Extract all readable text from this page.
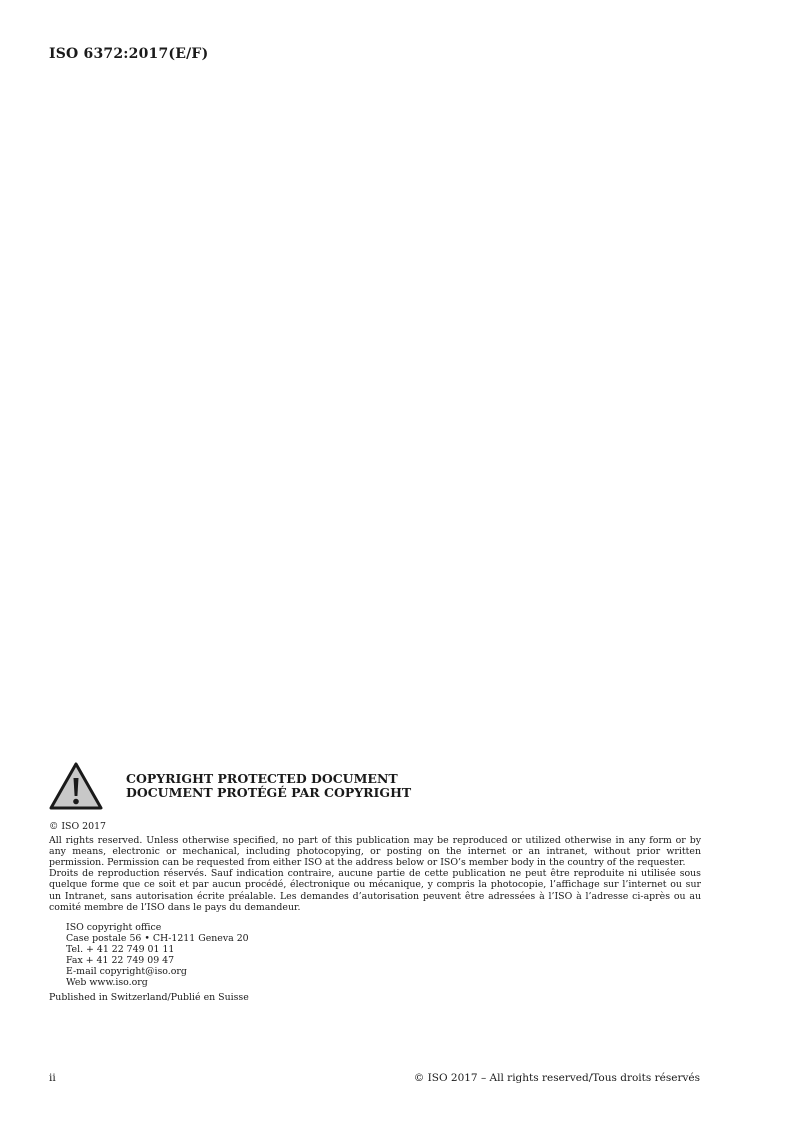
ISO 6372:2017(E/F)
COPYRIGHT PROTECTED DOCUMENT
DOCUMENT PROTÉGÉ PAR COPYRIGHT

© ISO 2017

All rights reserved. Unless otherwise specified, no part of this publication may be reproduced or utilized otherwise in any form or by any means, electronic or mechanical, including photocopying, or posting on the internet or an intranet, without prior written permission. Permission can be requested from either ISO at the address below or ISO’s member body in the country of the requester.

Droits de reproduction réservés. Sauf indication contraire, aucune partie de cette publication ne peut être reproduite ni utilisée sous quelque forme que ce soit et par aucun procédé, électronique ou mécanique, y compris la photocopie, l’affichage sur l’internet ou sur un Intranet, sans autorisation écrite préalable. Les demandes d’autorisation peuvent être adressées à l’ISO à l’adresse ci-après ou au comité membre de l’ISO dans le pays du demandeur.

ISO copyright office
Case postale 56 • CH-1211 Geneva 20
Tel. + 41 22 749 01 11
Fax + 41 22 749 09 47
E-mail copyright@iso.org
Web www.iso.org
Published in Switzerland/Publié en Suisse
ii	© ISO 2017 – All rights reserved/Tous droits réservés
